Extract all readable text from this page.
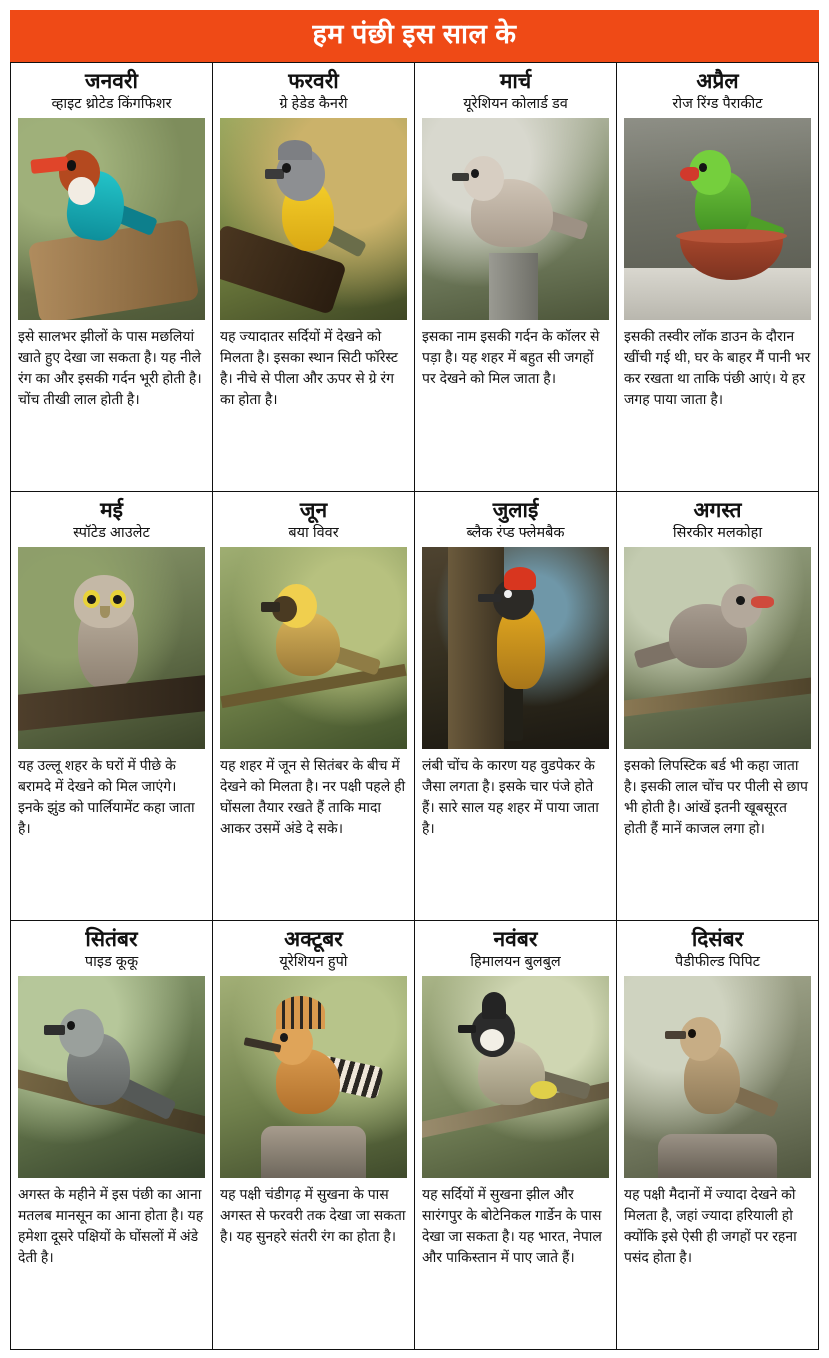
हम पंछी इस साल के
जनवरी
व्हाइट थ्रोटेड किंगफिशर
इसे सालभर झीलों के पास मछलियां खाते हुए देखा जा सकता है। यह नीले रंग का और इसकी गर्दन भूरी होती है। चोंच तीखी लाल होती है।
फरवरी
ग्रे हेडेड कैनरी
यह ज्यादातर सर्दियों में देखने को मिलता है। इसका स्थान सिटी फॉरेस्ट है। नीचे से पीला और ऊपर से ग्रे रंग का होता है।
मार्च
यूरेशियन कोलार्ड डव
इसका नाम इसकी गर्दन के कॉलर से पड़ा है। यह शहर में बहुत सी जगहों पर देखने को मिल जाता है।
अप्रैल
रोज रिंग्ड पैराकीट
इसकी तस्वीर लॉक डाउन के दौरान खींची गई थी, घर के बाहर मैं पानी भर कर रखता था ताकि पंछी आएं। ये हर जगह पाया जाता है।
मई
स्पॉटेड आउलेट
यह उल्लू शहर के घरों में पीछे के बरामदे में देखने को मिल जाएंगे। इनके झुंड को पार्लियामेंट कहा जाता है।
जून
बया विवर
यह शहर में जून से सितंबर के बीच में देखने को मिलता है। नर पक्षी पहले ही घोंसला तैयार रखते हैं ताकि मादा आकर उसमें अंडे दे सके।
जुलाई
ब्लैक रंप्ड फ्लेमबैक
लंबी चोंच के कारण यह वुडपेकर के जैसा लगता है। इसके चार पंजे होते हैं। सारे साल यह शहर में पाया जाता है।
अगस्त
सिरकीर मलकोहा
इसको लिपस्टिक बर्ड भी कहा जाता है। इसकी लाल चोंच पर पीली से छाप भी होती है। आंखें इतनी खूबसूरत होती हैं मानें काजल लगा हो।
सितंबर
पाइड कूकू
अगस्त के महीने में इस पंछी का आना मतलब मानसून का आना होता है। यह हमेशा दूसरे पक्षियों के घोंसलों में अंडे देती है।
अक्टूबर
यूरेशियन हुपो
यह पक्षी चंडीगढ़ में सुखना के पास अगस्त से फरवरी तक देखा जा सकता है। यह सुनहरे संतरी रंग का होता है।
नवंबर
हिमालयन बुलबुल
यह सर्दियों में सुखना झील और सारंगपुर के बोटेनिकल गार्डेन के पास देखा जा सकता है। यह भारत, नेपाल और पाकिस्तान में पाए जाते हैं।
दिसंबर
पैडीफील्ड पिपिट
यह पक्षी मैदानों में ज्यादा देखने को मिलता है, जहां ज्यादा हरियाली हो क्योंकि इसे ऐसी ही जगहों पर रहना पसंद होता है।
